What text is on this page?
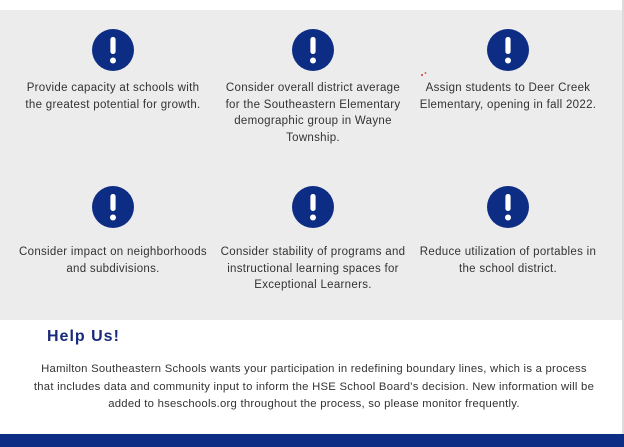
Provide capacity at schools with the greatest potential for growth.
Consider overall district average for the Southeastern Elementary demographic group in Wayne Township.
Assign students to Deer Creek Elementary, opening in fall 2022.
Consider impact on neighborhoods and subdivisions.
Consider stability of programs and instructional learning spaces for Exceptional Learners.
Reduce utilization of portables in the school district.
Help Us!
Hamilton Southeastern Schools wants your participation in redefining boundary lines, which is a process that includes data and community input to inform the HSE School Board's decision. New information will be added to hseschools.org throughout the process, so please monitor frequently.
